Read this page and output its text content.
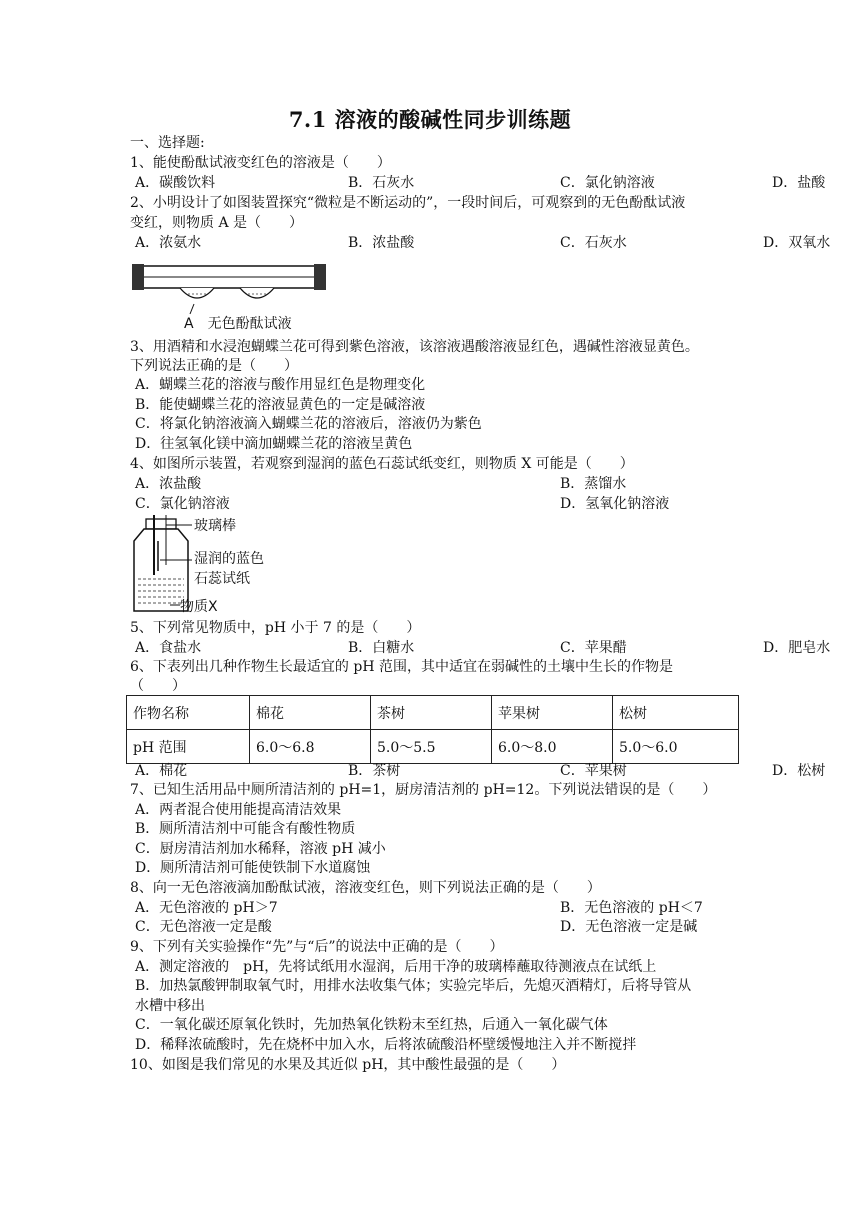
7.1 溶液的酸碱性同步训练题
一、选择题:
1、能使酚酞试液变红色的溶液是（　　）
A．碳酸饮料	B．石灰水	C．氯化钠溶液	D．盐酸
2、小明设计了如图装置探究“微粒是不断运动的”，一段时间后，可观察到的无色酚酞试液
变红，则物质 A 是（　　）
A．浓氨水	B．浓盐酸	C．石灰水	D．双氧水
A　无色酚酞试液
3、用酒精和水浸泡蝴蝶兰花可得到紫色溶液，该溶液遇酸溶液显红色，遇碱性溶液显黄色。
下列说法正确的是（　　）
A．蝴蝶兰花的溶液与酸作用显红色是物理变化
B．能使蝴蝶兰花的溶液显黄色的一定是碱溶液
C．将氯化钠溶液滴入蝴蝶兰花的溶液后，溶液仍为紫色
D．往氢氧化镁中滴加蝴蝶兰花的溶液呈黄色
4、如图所示装置，若观察到湿润的蓝色石蕊试纸变红，则物质 X 可能是（　　）
A．浓盐酸	B．蒸馏水
C．氯化钠溶液	D．氢氧化钠溶液
玻璃棒
湿润的蓝色
石蕊试纸
物质X
5、下列常见物质中，pH 小于 7 的是（　　）
A．食盐水	B．白糖水	C．苹果醋	D．肥皂水
6、下表列出几种作物生长最适宜的 pH 范围，其中适宜在弱碱性的土壤中生长的作物是
（　　）
作物名称	棉花	茶树	苹果树	松树
pH 范围	6.0～6.8	5.0～5.5	6.0～8.0	5.0～6.0
A．棉花	B．茶树	C．苹果树	D．松树
7、已知生活用品中厕所清洁剂的 pH=1，厨房清洁剂的 pH=12。下列说法错误的是（　　）
A．两者混合使用能提高清洁效果
B．厕所清洁剂中可能含有酸性物质
C．厨房清洁剂加水稀释，溶液 pH 减小
D．厕所清洁剂可能使铁制下水道腐蚀
8、向一无色溶液滴加酚酞试液，溶液变红色，则下列说法正确的是（　　）
A．无色溶液的 pH＞7	B．无色溶液的 pH＜7
C．无色溶液一定是酸	D．无色溶液一定是碱
9、下列有关实验操作“先”与“后”的说法中正确的是（　　）
A．测定溶液的　pH，先将试纸用水湿润，后用干净的玻璃棒蘸取待测液点在试纸上
B．加热氯酸钾制取氧气时，用排水法收集气体；实验完毕后，先熄灭酒精灯，后将导管从
水槽中移出
C．一氧化碳还原氧化铁时，先加热氧化铁粉末至红热，后通入一氧化碳气体
D．稀释浓硫酸时，先在烧杯中加入水，后将浓硫酸沿杯壁缓慢地注入并不断搅拌
10、如图是我们常见的水果及其近似 pH，其中酸性最强的是（　　）
